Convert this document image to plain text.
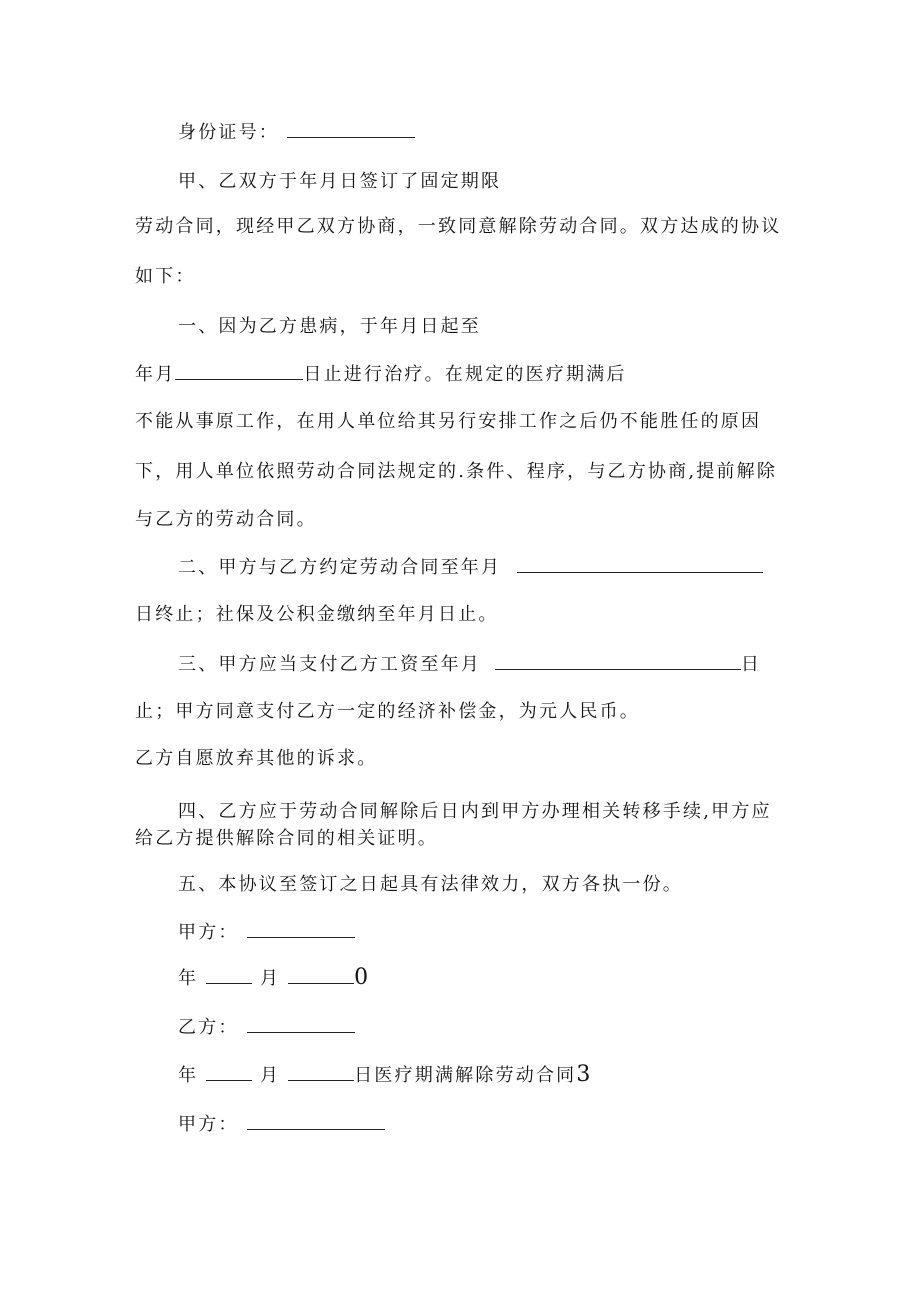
身份证号：
甲、乙双方于年月日签订了固定期限
劳动合同，现经甲乙双方协商，一致同意解除劳动合同。双方达成的协议
如下：
一、因为乙方患病，于年月日起至
年月	日止进行治疗。在规定的医疗期满后
不能从事原工作，在用人单位给其另行安排工作之后仍不能胜任的原因
下，用人单位依照劳动合同法规定的.条件、程序，与乙方协商,提前解除
与乙方的劳动合同。
二、甲方与乙方约定劳动合同至年月
日终止；社保及公积金缴纳至年月日止。
三、甲方应当支付乙方工资至年月	日
止；甲方同意支付乙方一定的经济补偿金，为元人民币。
乙方自愿放弃其他的诉求。
四、乙方应于劳动合同解除后日内到甲方办理相关转移手续,甲方应
给乙方提供解除合同的相关证明。
五、本协议至签订之日起具有法律效力，双方各执一份。
甲方：
年	月	0
乙方：
年	月	日医疗期满解除劳动合同3
甲方：
